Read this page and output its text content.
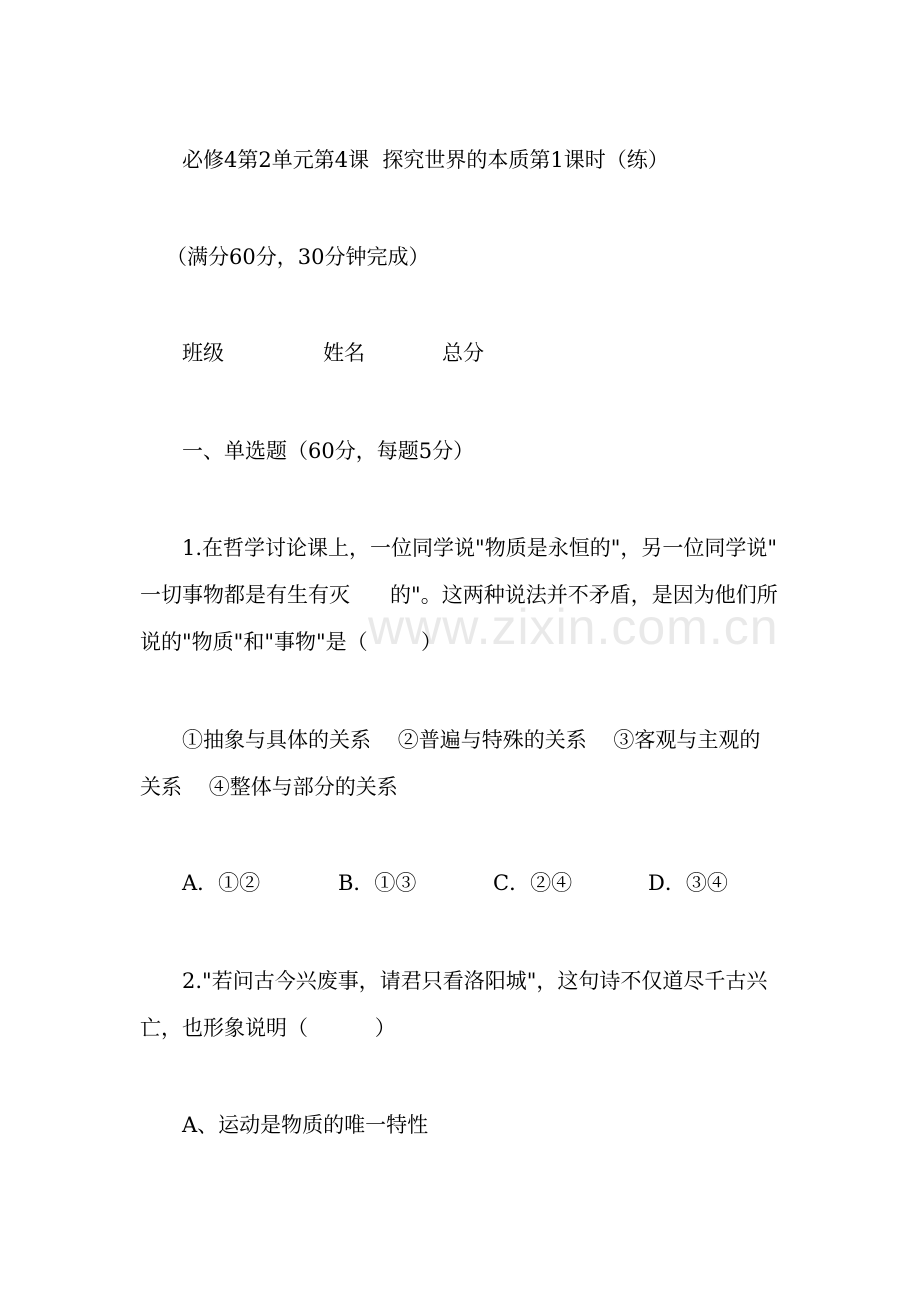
www.zixin.com.cn
必修4第2单元第4课  探究世界的本质第1课时（练）
（满分60分，30分钟完成）
班级	姓名	总分
一、单选题（60分，每题5分）
1.在哲学讨论课上，一位同学说"物质是永恒的"，另一位同学说"
一切事物都是有生有灭      的"。这两种说法并不矛盾，是因为他们所
说的"物质"和"事物"是（        ）
①抽象与具体的关系    ②普遍与特殊的关系    ③客观与主观的
关系    ④整体与部分的关系
A．①②	B．①③	C．②④	D．③④
2."若问古今兴废事，请君只看洛阳城"，这句诗不仅道尽千古兴
亡，也形象说明（          ）
A、运动是物质的唯一特性
